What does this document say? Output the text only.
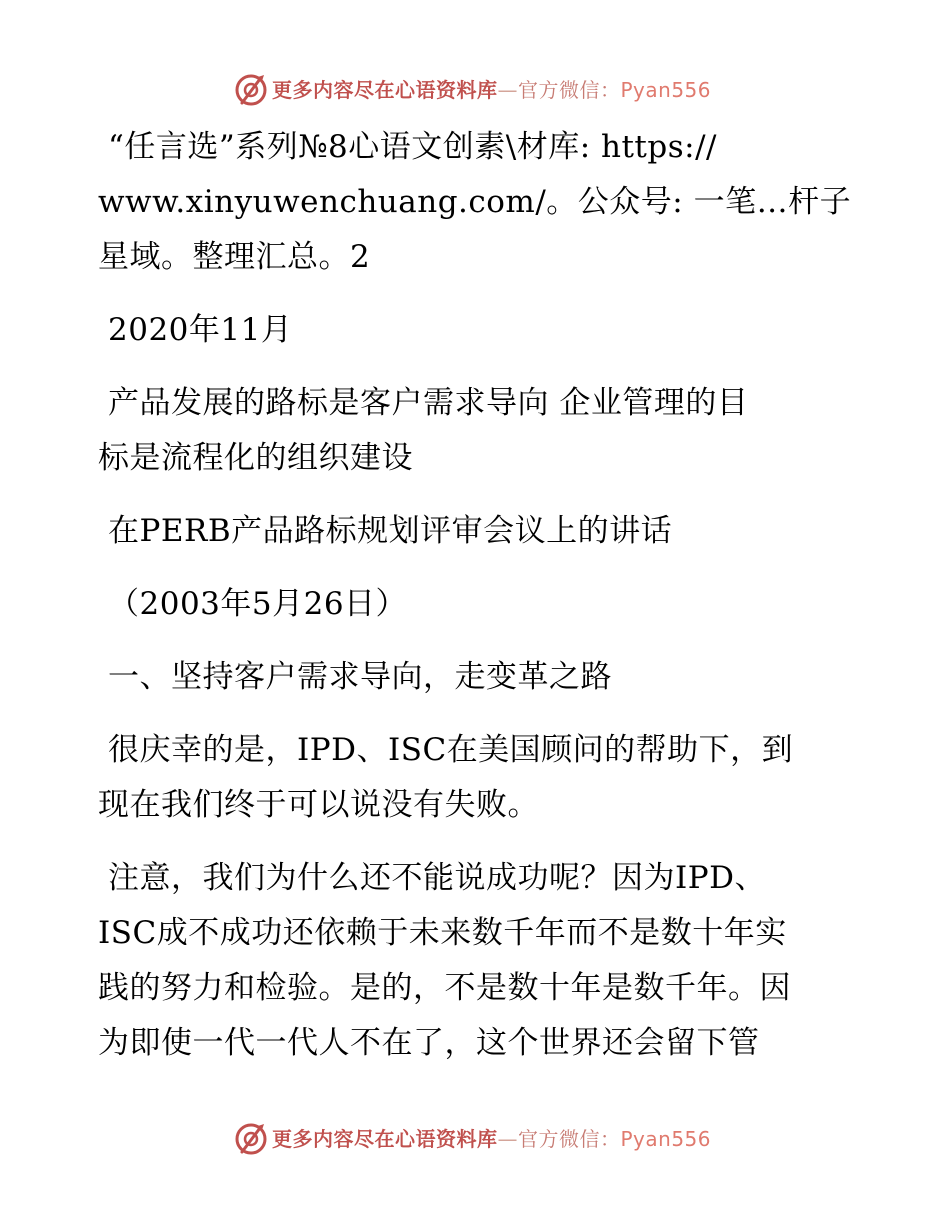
更多内容尽在心语资料库—官方微信：Pyan556

“任言选”系列№8心语文创素\材库: https://
www.xinyuwenchuang.com/。公众号: 一笔…杆子
星域。整理汇总。2

2020年11月

产品发展的路标是客户需求导向 企业管理的目
标是流程化的组织建设

在PERB产品路标规划评审会议上的讲话

（2003年5月26日）

一、坚持客户需求导向，走变革之路

很庆幸的是，IPD、ISC在美国顾问的帮助下，到
现在我们终于可以说没有失败。

注意，我们为什么还不能说成功呢？因为IPD、
ISC成不成功还依赖于未来数千年而不是数十年实
践的努力和检验。是的，不是数十年是数千年。因
为即使一代一代人不在了，这个世界还会留下管

更多内容尽在心语资料库—官方微信：Pyan556
